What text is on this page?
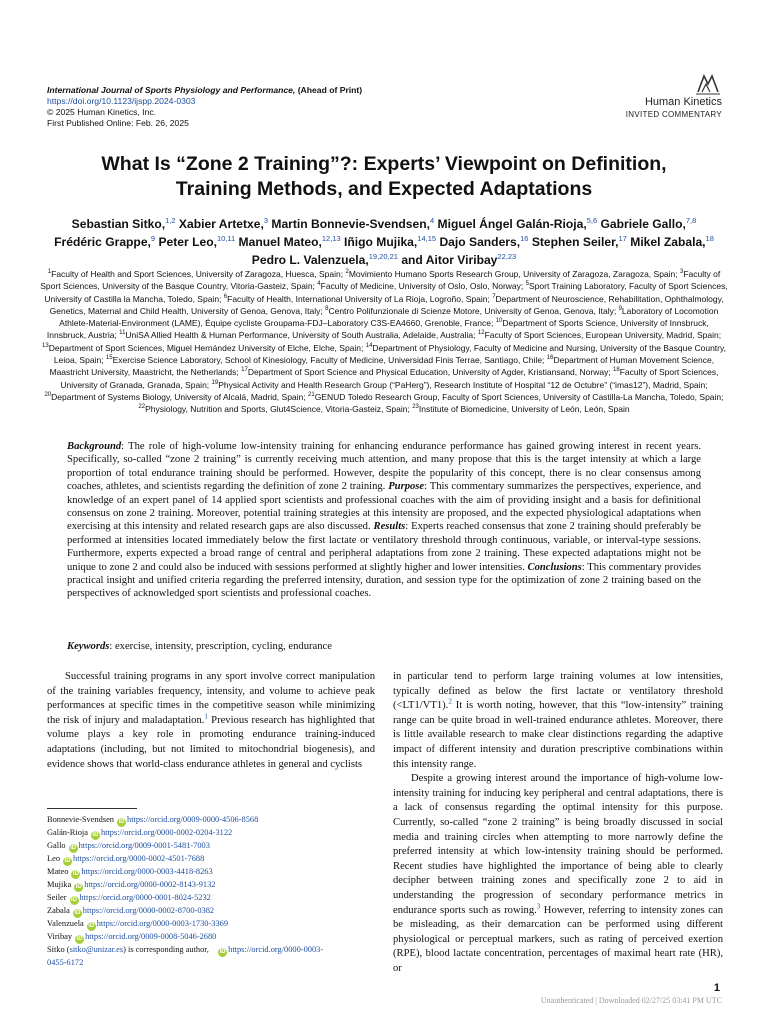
International Journal of Sports Physiology and Performance, (Ahead of Print)
https://doi.org/10.1123/ijspp.2024-0303
© 2025 Human Kinetics, Inc.
First Published Online: Feb. 26, 2025
Human Kinetics
INVITED COMMENTARY
What Is “Zone 2 Training”?: Experts’ Viewpoint on Definition,
Training Methods, and Expected Adaptations
Sebastian Sitko,$^{1,2}$ Xabier Artetxe,$^3$ Martin Bonnevie-Svendsen,$^4$ Miguel Ángel Galán-Rioja,$^{5,6}$ Gabriele Gallo,$^{7,8}$ Frédéric Grappe,$^9$ Peter Leo,$^{10,11}$ Manuel Mateo,$^{12,13}$ Iñigo Mujika,$^{14,15}$ Dajo Sanders,$^{16}$ Stephen Seiler,$^{17}$ Mikel Zabala,$^{18}$ Pedro L. Valenzuela,$^{19,20,21}$ and Aitor Viribay$^{22,23}$
$^1$Faculty of Health and Sport Sciences, University of Zaragoza, Huesca, Spain; $^2$Movimiento Humano Sports Research Group, University of Zaragoza, Zaragoza, Spain; $^3$Faculty of Sport Sciences, University of the Basque Country, Vitoria-Gasteiz, Spain; $^4$Faculty of Medicine, University of Oslo, Oslo, Norway; $^5$Sport Training Laboratory, Faculty of Sport Sciences, University of Castilla la Mancha, Toledo, Spain; $^6$Faculty of Health, International University of La Rioja, Logroño, Spain; $^7$Department of Neuroscience, Rehabilitation, Ophthalmology, Genetics, Maternal and Child Health, University of Genoa, Genova, Italy; $^8$Centro Polifunzionale di Scienze Motore, University of Genoa, Genova, Italy; $^9$Laboratory of Locomotion Athlete-Material-Environment (LAME), Équipe cycliste Groupama-FDJ–Laboratory C3S-EA4660, Grenoble, France; $^{10}$Department of Sports Science, University of Innsbruck, Innsbruck, Austria; $^{11}$UniSA Allied Health & Human Performance, University of South Australia, Adelaide, Australia; $^{12}$Faculty of Sport Sciences, European University, Madrid, Spain; $^{13}$Department of Sport Sciences, Miguel Hernández University of Elche, Elche, Spain; $^{14}$Department of Physiology, Faculty of Medicine and Nursing, University of the Basque Country, Leioa, Spain; $^{15}$Exercise Science Laboratory, School of Kinesiology, Faculty of Medicine, Universidad Finis Terrae, Santiago, Chile; $^{16}$Department of Human Movement Science, Maastricht University, Maastricht, the Netherlands; $^{17}$Department of Sport Science and Physical Education, University of Agder, Kristiansand, Norway; $^{18}$Faculty of Sport Sciences, University of Granada, Granada, Spain; $^{19}$Physical Activity and Health Research Group (“PaHerg”), Research Institute of Hospital “12 de Octubre” (“imas12”), Madrid, Spain; $^{20}$Department of Systems Biology, University of Alcalá, Madrid, Spain; $^{21}$GENUD Toledo Research Group, Faculty of Sport Sciences, University of Castilla-La Mancha, Toledo, Spain; $^{22}$Physiology, Nutrition and Sports, Glut4Science, Vitoria-Gasteiz, Spain; $^{23}$Institute of Biomedicine, University of León, León, Spain
Background: The role of high-volume low-intensity training for enhancing endurance performance has gained growing interest in recent years. Specifically, so-called “zone 2 training” is currently receiving much attention, and many propose that this is the target intensity at which a large proportion of total endurance training should be performed. However, despite the popularity of this concept, there is no clear consensus among coaches, athletes, and scientists regarding the definition of zone 2 training. Purpose: This commentary summarizes the perspectives, experience, and knowledge of an expert panel of 14 applied sport scientists and professional coaches with the aim of providing insight and a basis for definitional consensus on zone 2 training. Moreover, potential training strategies at this intensity are proposed, and the expected physiological adaptations when exercising at this intensity and related research gaps are also discussed. Results: Experts reached consensus that zone 2 training should preferably be performed at intensities located immediately below the first lactate or ventilatory threshold through continuous, variable, or interval-type sessions. Furthermore, experts expected a broad range of central and peripheral adaptations from zone 2 training. These expected adaptations might not be unique to zone 2 and could also be induced with sessions performed at slightly higher and lower intensities. Conclusions: This commentary provides practical insight and unified criteria regarding the preferred intensity, duration, and session type for the optimization of zone 2 training based on the perspectives of acknowledged sport scientists and professional coaches.
Keywords: exercise, intensity, prescription, cycling, endurance

Successful training programs in any sport involve correct manipulation of the training variables frequency, intensity, and volume to achieve peak performances at specific times in the competitive season while minimizing the risk of injury and maladaptation.$^1$ Previous research has highlighted that volume plays a key role in promoting endurance training-induced adaptations (including, but not limited to mitochondrial biogenesis), and evidence shows that world-class endurance athletes in general and cyclists

Bonnevie-Svendsen iD https://orcid.org/0009-0000-4506-8568
Galán-Rioja iD https://orcid.org/0000-0002-0204-3122
Gallo iD https://orcid.org/0009-0001-5481-7003
Leo iD https://orcid.org/0000-0002-4501-7688
Mateo iD https://orcid.org/0000-0003-4418-8263
Mujika iD https://orcid.org/0000-0002-8143-9132
Seiler iD https://orcid.org/0000-0001-8024-5232
Zabala iD https://orcid.org/0000-0002-8700-0382
Valenzuela iD https://orcid.org/0000-0003-1730-3369
Viribay iD https://orcid.org/0009-0008-5046-2680
Sitko (sitko@unizar.es) is corresponding author, iD https://orcid.org/0000-0003-
0455-6172

in particular tend to perform large training volumes at low intensities, typically defined as below the first lactate or ventilatory threshold (<LT1/VT1).$^2$ It is worth noting, however, that this “low-intensity” training range can be quite broad in well-trained endurance athletes. Moreover, there is little available research to make clear distinctions regarding the adaptive impact of different intensity and duration prescriptive combinations within this intensity range.

Despite a growing interest around the importance of high-volume low-intensity training for inducing key peripheral and central adaptations, there is a lack of consensus regarding the optimal intensity for this purpose. Currently, so-called “zone 2 training” is being broadly discussed in social media and training circles when attempting to more narrowly define the preferred intensity at which low-intensity training should be performed. Recent studies have highlighted the importance of being able to clearly decipher between training zones and specifically zone 2 to aid in understanding the progression of secondary performance metrics in endurance sports such as rowing.$^3$ However, referring to intensity zones can be misleading, as their demarcation can be performed using different physiological or perceptual markers, such as rating of perceived exertion (RPE), blood lactate concentration, percentages of maximal heart rate (HR), or

1
Unauthenticated | Downloaded 02/27/25 03:41 PM UTC
